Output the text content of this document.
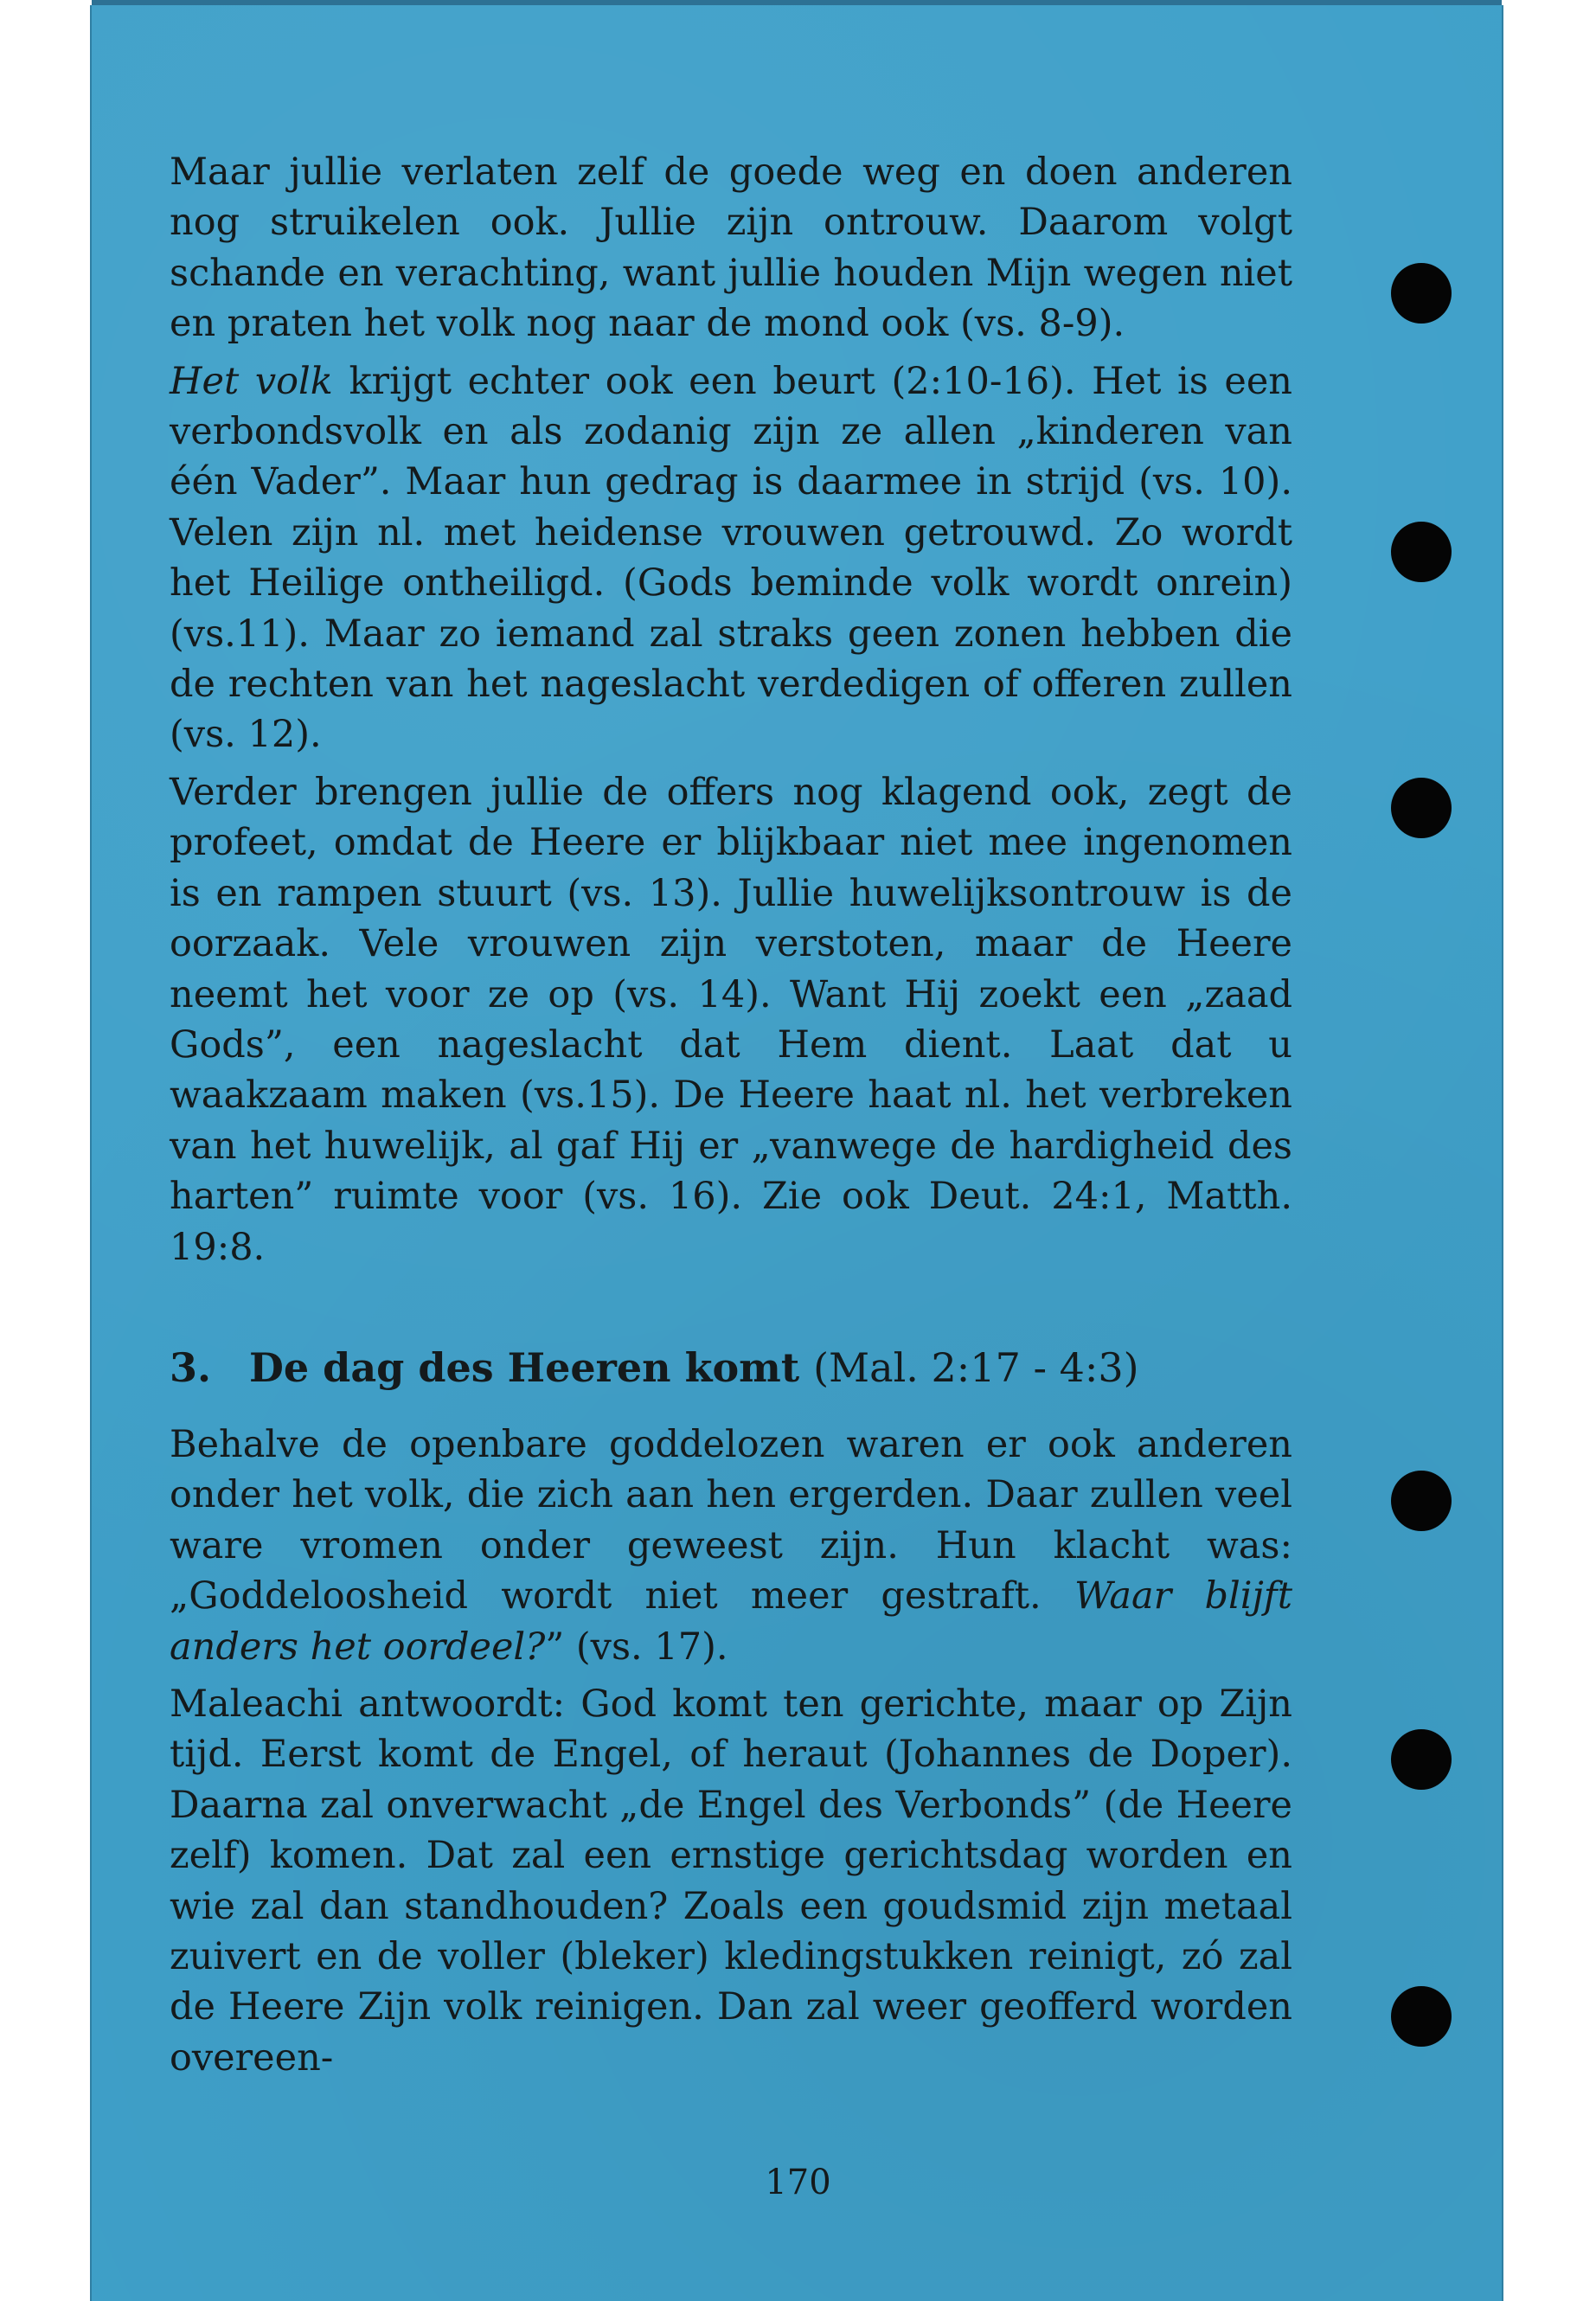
Maar jullie verlaten zelf de goede weg en doen anderen nog struikelen ook. Jullie zijn ontrouw. Daarom volgt schande en verachting, want jullie houden Mijn wegen niet en praten het volk nog naar de mond ook (vs. 8-9).

Het volk krijgt echter ook een beurt (2:10-16). Het is een verbondsvolk en als zodanig zijn ze allen „kinderen van één Vader”. Maar hun gedrag is daarmee in strijd (vs. 10). Velen zijn nl. met heidense vrouwen getrouwd. Zo wordt het Heilige ontheiligd. (Gods beminde volk wordt onrein) (vs.11). Maar zo iemand zal straks geen zonen hebben die de rechten van het nageslacht verdedigen of offeren zullen (vs. 12).

Verder brengen jullie de offers nog klagend ook, zegt de profeet, omdat de Heere er blijkbaar niet mee ingenomen is en rampen stuurt (vs. 13). Jullie huwelijksontrouw is de oorzaak. Vele vrouwen zijn verstoten, maar de Heere neemt het voor ze op (vs. 14). Want Hij zoekt een „zaad Gods”, een nageslacht dat Hem dient. Laat dat u waakzaam maken (vs.15). De Heere haat nl. het verbreken van het huwelijk, al gaf Hij er „vanwege de hardigheid des harten” ruimte voor (vs. 16). Zie ook Deut. 24:1, Matth. 19:8.

3. De dag des Heeren komt (Mal. 2:17 - 4:3)

Behalve de openbare goddelozen waren er ook anderen onder het volk, die zich aan hen ergerden. Daar zullen veel ware vromen onder geweest zijn. Hun klacht was: „Goddeloosheid wordt niet meer gestraft. Waar blijft anders het oordeel?” (vs. 17).

Maleachi antwoordt: God komt ten gerichte, maar op Zijn tijd. Eerst komt de Engel, of heraut (Johannes de Doper). Daarna zal onverwacht „de Engel des Verbonds” (de Heere zelf) komen. Dat zal een ernstige gerichtsdag worden en wie zal dan standhouden? Zoals een goudsmid zijn metaal zuivert en de voller (bleker) kledingstukken reinigt, zó zal de Heere Zijn volk reinigen. Dan zal weer geofferd worden overeen-

170
